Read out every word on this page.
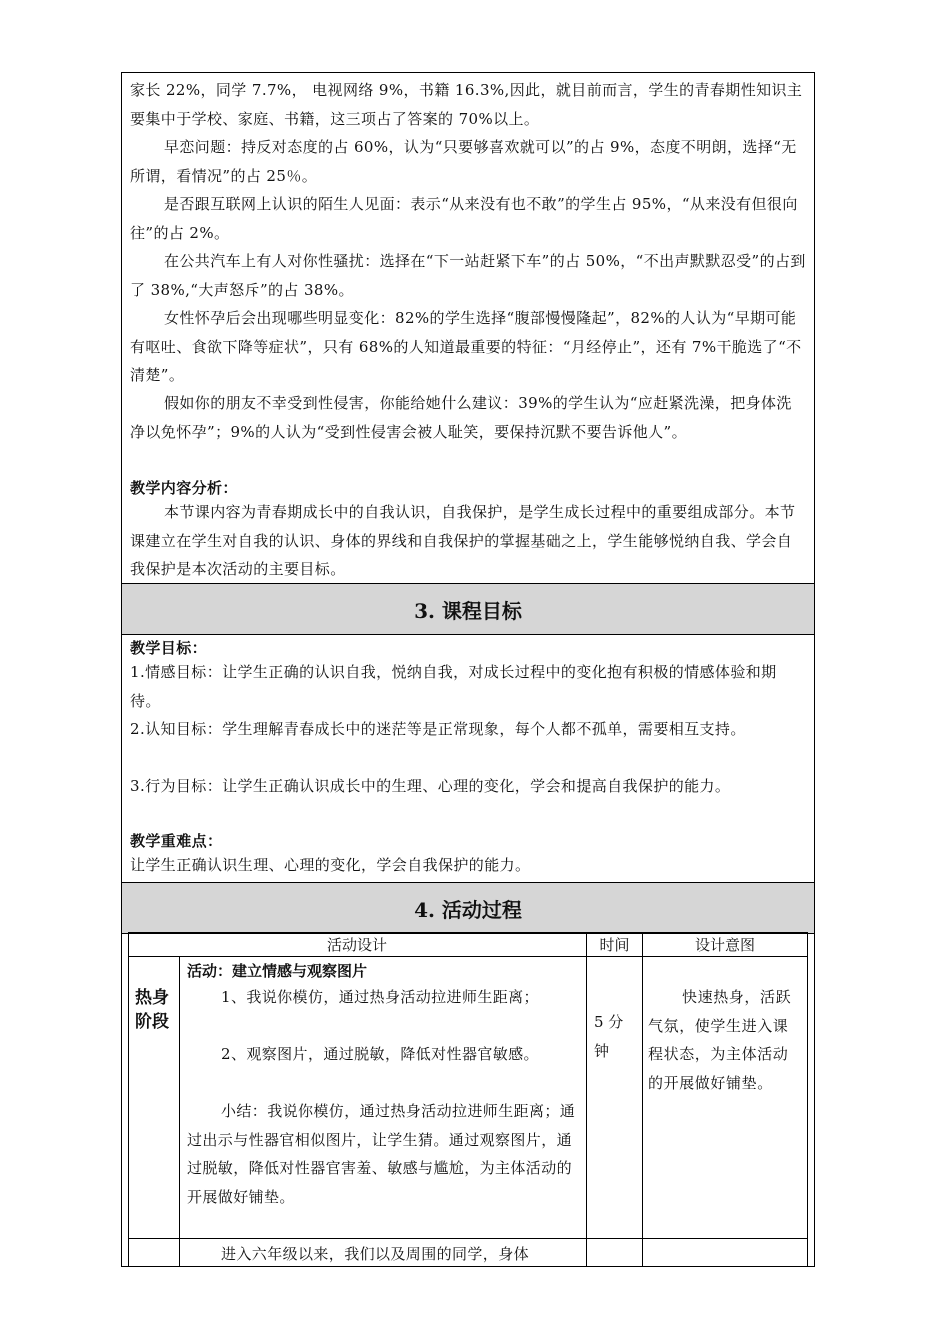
家长 22%，同学 7.7%， 电视网络 9%，书籍 16.3%,因此，就目前而言，学生的青春期性知识主要集中于学校、家庭、书籍，这三项占了答案的 70%以上。
早恋问题：持反对态度的占 60%，认为“只要够喜欢就可以”的占 9%，态度不明朗，选择“无所谓，看情况”的占 25％。
是否跟互联网上认识的陌生人见面：表示“从来没有也不敢”的学生占 95%，“从来没有但很向往”的占 2%。
在公共汽车上有人对你性骚扰：选择在“下一站赶紧下车”的占 50%，“不出声默默忍受”的占到了 38%,“大声怒斥”的占 38%。
女性怀孕后会出现哪些明显变化：82%的学生选择“腹部慢慢隆起”，82%的人认为“早期可能有呕吐、食欲下降等症状”，只有 68%的人知道最重要的特征：“月经停止”，还有 7%干脆选了“不清楚”。
假如你的朋友不幸受到性侵害，你能给她什么建议：39%的学生认为“应赶紧洗澡，把身体洗净以免怀孕”；9%的人认为“受到性侵害会被人耻笑，要保持沉默不要告诉他人”。
教学内容分析：
本节课内容为青春期成长中的自我认识，自我保护，是学生成长过程中的重要组成部分。本节课建立在学生对自我的认识、身体的界线和自我保护的掌握基础之上，学生能够悦纳自我、学会自我保护是本次活动的主要目标。
3. 课程目标
教学目标：
1.情感目标：让学生正确的认识自我，悦纳自我，对成长过程中的变化抱有积极的情感体验和期待。
2.认知目标：学生理解青春成长中的迷茫等是正常现象，每个人都不孤单，需要相互支持。
3.行为目标：让学生正确认识成长中的生理、心理的变化，学会和提高自我保护的能力。
教学重难点：
让学生正确认识生理、心理的变化，学会自我保护的能力。
4. 活动过程
活动设计	时间	设计意图
热身阶段
活动：建立情感与观察图片
1、我说你模仿，通过热身活动拉进师生距离；
2、观察图片，通过脱敏，降低对性器官敏感。
小结：我说你模仿，通过热身活动拉进师生距离；通过出示与性器官相似图片，让学生猜。通过观察图片，通过脱敏，降低对性器官害羞、敏感与尴尬，为主体活动的开展做好铺垫。
5 分钟
快速热身，活跃气氛，使学生进入课程状态，为主体活动的开展做好铺垫。
进入六年级以来，我们以及周围的同学，身体
